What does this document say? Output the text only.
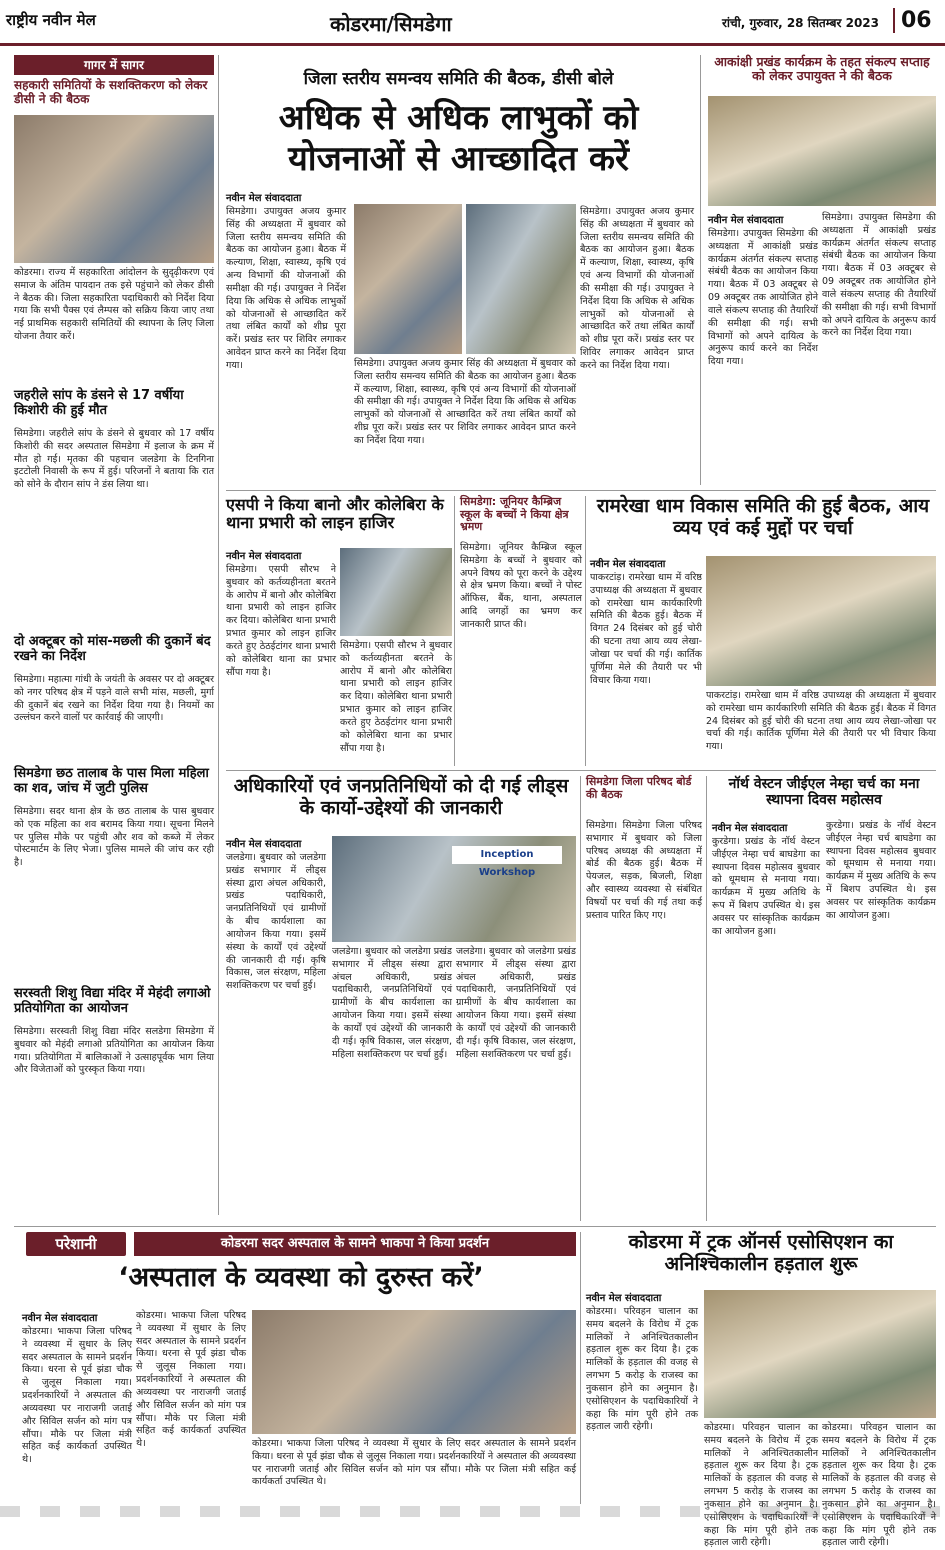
राष्ट्रीय नवीन मेल	कोडरमा/सिमडेगा	रांची, गुरुवार, 28 सितम्बर 2023 06
गागर में सागर
सहकारी समितियों के सशक्तिकरण को लेकर डीसी ने की बैठक
कोडरमा। राज्य में सहकारिता आंदोलन के सुदृढ़ीकरण एवं समाज के अंतिम पायदान तक इसे पहुंचाने को लेकर डीसी ने बैठक की। जिला सहकारिता पदाधिकारी को निर्देश दिया गया कि सभी पैक्स एवं लैम्पस को सक्रिय किया जाए तथा नई प्राथमिक सहकारी समितियों की स्थापना के लिए जिला योजना तैयार करें।
जहरीले सांप के डंसने से 17 वर्षीया किशोरी की हुई मौत
सिमडेगा। जहरीले सांप के डंसने से बुधवार को 17 वर्षीय किशोरी की सदर अस्पताल सिमडेगा में इलाज के क्रम में मौत हो गई। मृतका की पहचान जलडेगा के टिनगिना इटटोली निवासी के रूप में हुई। परिजनों ने बताया कि रात को सोने के दौरान सांप ने डंस लिया था।
दो अक्टूबर को मांस-मछली की दुकानें बंद रखने का निर्देश
सिमडेगा। महात्मा गांधी के जयंती के अवसर पर दो अक्टूबर को नगर परिषद क्षेत्र में पड़ने वाले सभी मांस, मछली, मुर्गा की दुकानें बंद रखने का निर्देश दिया गया है। नियमों का उल्लंघन करने वालों पर कार्रवाई की जाएगी।
सिमडेगा छठ तालाब के पास मिला महिला का शव, जांच में जुटी पुलिस
सिमडेगा। सदर थाना क्षेत्र के छठ तालाब के पास बुधवार को एक महिला का शव बरामद किया गया। सूचना मिलने पर पुलिस मौके पर पहुंची और शव को कब्जे में लेकर पोस्टमार्टम के लिए भेजा। पुलिस मामले की जांच कर रही है।
सरस्वती शिशु विद्या मंदिर में मेहंदी लगाओ प्रतियोगिता का आयोजन
सिमडेगा। सरस्वती शिशु विद्या मंदिर सलडेगा सिमडेगा में बुधवार को मेहंदी लगाओ प्रतियोगिता का आयोजन किया गया। प्रतियोगिता में बालिकाओं ने उत्साहपूर्वक भाग लिया और विजेताओं को पुरस्कृत किया गया।
जिला स्तरीय समन्वय समिति की बैठक, डीसी बोले
अधिक से अधिक लाभुकों को योजनाओं से आच्छादित करें
नवीन मेल संवाददाता
सिमडेगा। उपायुक्त अजय कुमार सिंह की अध्यक्षता में बुधवार को जिला स्तरीय समन्वय समिति की बैठक का आयोजन हुआ। बैठक में कल्याण, शिक्षा, स्वास्थ्य, कृषि एवं अन्य विभागों की योजनाओं की समीक्षा की गई। उपायुक्त ने निर्देश दिया कि अधिक से अधिक लाभुकों को योजनाओं से आच्छादित करें तथा लंबित कार्यों को शीघ्र पूरा करें। प्रखंड स्तर पर शिविर लगाकर आवेदन प्राप्त करने का निर्देश दिया गया।	सिमडेगा। उपायुक्त अजय कुमार सिंह की अध्यक्षता में बुधवार को जिला स्तरीय समन्वय समिति की बैठक का आयोजन हुआ। बैठक में कल्याण, शिक्षा, स्वास्थ्य, कृषि एवं अन्य विभागों की योजनाओं की समीक्षा की गई। उपायुक्त ने निर्देश दिया कि अधिक से अधिक लाभुकों को योजनाओं से आच्छादित करें तथा लंबित कार्यों को शीघ्र पूरा करें। प्रखंड स्तर पर शिविर लगाकर आवेदन प्राप्त करने का निर्देश दिया गया।
सिमडेगा। उपायुक्त अजय कुमार सिंह की अध्यक्षता में बुधवार को जिला स्तरीय समन्वय समिति की बैठक का आयोजन हुआ। बैठक में कल्याण, शिक्षा, स्वास्थ्य, कृषि एवं अन्य विभागों की योजनाओं की समीक्षा की गई। उपायुक्त ने निर्देश दिया कि अधिक से अधिक लाभुकों को योजनाओं से आच्छादित करें तथा लंबित कार्यों को शीघ्र पूरा करें। प्रखंड स्तर पर शिविर लगाकर आवेदन प्राप्त करने का निर्देश दिया गया।
आकांक्षी प्रखंड कार्यक्रम के तहत संकल्प सप्ताह को लेकर उपायुक्त ने की बैठक
नवीन मेल संवाददाता
सिमडेगा। उपायुक्त सिमडेगा की अध्यक्षता में आकांक्षी प्रखंड कार्यक्रम अंतर्गत संकल्प सप्ताह संबंधी बैठक का आयोजन किया गया। बैठक में 03 अक्टूबर से 09 अक्टूबर तक आयोजित होने वाले संकल्प सप्ताह की तैयारियों की समीक्षा की गई। सभी विभागों को अपने दायित्व के अनुरूप कार्य करने का निर्देश दिया गया।
सिमडेगा। उपायुक्त सिमडेगा की अध्यक्षता में आकांक्षी प्रखंड कार्यक्रम अंतर्गत संकल्प सप्ताह संबंधी बैठक का आयोजन किया गया। बैठक में 03 अक्टूबर से 09 अक्टूबर तक आयोजित होने वाले संकल्प सप्ताह की तैयारियों की समीक्षा की गई। सभी विभागों को अपने दायित्व के अनुरूप कार्य करने का निर्देश दिया गया।
एसपी ने किया बानो और कोलेबिरा के थाना प्रभारी को लाइन हाजिर
नवीन मेल संवाददाता
सिमडेगा। एसपी सौरभ ने बुधवार को कर्तव्यहीनता बरतने के आरोप में बानो और कोलेबिरा थाना प्रभारी को लाइन हाजिर कर दिया। कोलेबिरा थाना प्रभारी प्रभात कुमार को लाइन हाजिर करते हुए ठेठईटांगर थाना प्रभारी को कोलेबिरा थाना का प्रभार सौंपा गया है।
सिमडेगा। एसपी सौरभ ने बुधवार को कर्तव्यहीनता बरतने के आरोप में बानो और कोलेबिरा थाना प्रभारी को लाइन हाजिर कर दिया। कोलेबिरा थाना प्रभारी प्रभात कुमार को लाइन हाजिर करते हुए ठेठईटांगर थाना प्रभारी को कोलेबिरा थाना का प्रभार सौंपा गया है।
सिमडेगा: जूनियर कैम्ब्रिज स्कूल के बच्चों ने किया क्षेत्र भ्रमण
सिमडेगा। जूनियर कैम्ब्रिज स्कूल सिमडेगा के बच्चों ने बुधवार को अपने विषय को पूरा करने के उद्देश्य से क्षेत्र भ्रमण किया। बच्चों ने पोस्ट ऑफिस, बैंक, थाना, अस्पताल आदि जगहों का भ्रमण कर जानकारी प्राप्त की।
रामरेखा धाम विकास समिति की हुई बैठक, आय व्यय एवं कई मुद्दों पर चर्चा
नवीन मेल संवाददाता
पाकरटांड़। रामरेखा धाम में वरिष्ठ उपाध्यक्ष की अध्यक्षता में बुधवार को रामरेखा धाम कार्यकारिणी समिति की बैठक हुई। बैठक में विगत 24 दिसंबर को हुई चोरी की घटना तथा आय व्यय लेखा-जोखा पर चर्चा की गई। कार्तिक पूर्णिमा मेले की तैयारी पर भी विचार किया गया।
पाकरटांड़। रामरेखा धाम में वरिष्ठ उपाध्यक्ष की अध्यक्षता में बुधवार को रामरेखा धाम कार्यकारिणी समिति की बैठक हुई। बैठक में विगत 24 दिसंबर को हुई चोरी की घटना तथा आय व्यय लेखा-जोखा पर चर्चा की गई। कार्तिक पूर्णिमा मेले की तैयारी पर भी विचार किया गया।
अधिकारियों एवं जनप्रतिनिधियों को दी गई लीड्स के कार्यो-उद्देश्यों की जानकारी
नवीन मेल संवाददाता
जलडेगा। बुधवार को जलडेगा प्रखंड सभागार में लीड्स संस्था द्वारा अंचल अधिकारी, प्रखंड पदाधिकारी, जनप्रतिनिधियों एवं ग्रामीणों के बीच कार्यशाला का आयोजन किया गया। इसमें संस्था के कार्यों एवं उद्देश्यों की जानकारी दी गई। कृषि विकास, जल संरक्षण, महिला सशक्तिकरण पर चर्चा हुई।
Inception Workshop
जलडेगा। बुधवार को जलडेगा प्रखंड सभागार में लीड्स संस्था द्वारा अंचल अधिकारी, प्रखंड पदाधिकारी, जनप्रतिनिधियों एवं ग्रामीणों के बीच कार्यशाला का आयोजन किया गया। इसमें संस्था के कार्यों एवं उद्देश्यों की जानकारी दी गई। कृषि विकास, जल संरक्षण, महिला सशक्तिकरण पर चर्चा हुई।
जलडेगा। बुधवार को जलडेगा प्रखंड सभागार में लीड्स संस्था द्वारा अंचल अधिकारी, प्रखंड पदाधिकारी, जनप्रतिनिधियों एवं ग्रामीणों के बीच कार्यशाला का आयोजन किया गया। इसमें संस्था के कार्यों एवं उद्देश्यों की जानकारी दी गई। कृषि विकास, जल संरक्षण, महिला सशक्तिकरण पर चर्चा हुई।
सिमडेगा जिला परिषद बोर्ड की बैठक
सिमडेगा। सिमडेगा जिला परिषद सभागार में बुधवार को जिला परिषद अध्यक्ष की अध्यक्षता में बोर्ड की बैठक हुई। बैठक में पेयजल, सड़क, बिजली, शिक्षा और स्वास्थ्य व्यवस्था से संबंधित विषयों पर चर्चा की गई तथा कई प्रस्ताव पारित किए गए।
नॉर्थ वेस्टन जीईएल नेम्हा चर्च का मना स्थापना दिवस महोत्सव
नवीन मेल संवाददाता
कुरडेगा। प्रखंड के नॉर्थ वेस्टन जीईएल नेम्हा चर्च बाघडेगा का स्थापना दिवस महोत्सव बुधवार को धूमधाम से मनाया गया। कार्यक्रम में मुख्य अतिथि के रूप में बिशप उपस्थित थे। इस अवसर पर सांस्कृतिक कार्यक्रम का आयोजन हुआ।
कुरडेगा। प्रखंड के नॉर्थ वेस्टन जीईएल नेम्हा चर्च बाघडेगा का स्थापना दिवस महोत्सव बुधवार को धूमधाम से मनाया गया। कार्यक्रम में मुख्य अतिथि के रूप में बिशप उपस्थित थे। इस अवसर पर सांस्कृतिक कार्यक्रम का आयोजन हुआ।
परेशानी	कोडरमा सदर अस्पताल के सामने भाकपा ने किया प्रदर्शन
‘अस्पताल के व्यवस्था को दुरुस्त करें’
नवीन मेल संवाददाता
कोडरमा। भाकपा जिला परिषद ने व्यवस्था में सुधार के लिए सदर अस्पताल के सामने प्रदर्शन किया। धरना से पूर्व झंडा चौक से जुलूस निकाला गया। प्रदर्शनकारियों ने अस्पताल की अव्यवस्था पर नाराजगी जताई और सिविल सर्जन को मांग पत्र सौंपा। मौके पर जिला मंत्री सहित कई कार्यकर्ता उपस्थित थे।
कोडरमा। भाकपा जिला परिषद ने व्यवस्था में सुधार के लिए सदर अस्पताल के सामने प्रदर्शन किया। धरना से पूर्व झंडा चौक से जुलूस निकाला गया। प्रदर्शनकारियों ने अस्पताल की अव्यवस्था पर नाराजगी जताई और सिविल सर्जन को मांग पत्र सौंपा। मौके पर जिला मंत्री सहित कई कार्यकर्ता उपस्थित थे।	कोडरमा। भाकपा जिला परिषद ने व्यवस्था में सुधार के लिए सदर अस्पताल के सामने प्रदर्शन किया। धरना से पूर्व झंडा चौक से जुलूस निकाला गया। प्रदर्शनकारियों ने अस्पताल की अव्यवस्था पर नाराजगी जताई और सिविल सर्जन को मांग पत्र सौंपा। मौके पर जिला मंत्री सहित कई कार्यकर्ता उपस्थित थे।
कोडरमा में ट्रक ऑनर्स एसोसिएशन का अनिश्चिकालीन हड़ताल शुरू
नवीन मेल संवाददाता
कोडरमा। परिवहन चालान का समय बदलने के विरोध में ट्रक मालिकों ने अनिश्चितकालीन हड़ताल शुरू कर दिया है। ट्रक मालिकों के हड़ताल की वजह से लगभग 5 करोड़ के राजस्व का नुकसान होने का अनुमान है। एसोसिएशन के पदाधिकारियों ने कहा कि मांग पूरी होने तक हड़ताल जारी रहेगी।	कोडरमा। परिवहन चालान का समय बदलने के विरोध में ट्रक मालिकों ने अनिश्चितकालीन हड़ताल शुरू कर दिया है। ट्रक मालिकों के हड़ताल की वजह से लगभग 5 करोड़ के राजस्व का नुकसान होने का अनुमान है। एसोसिएशन के पदाधिकारियों ने कहा कि मांग पूरी होने तक हड़ताल जारी रहेगी।
कोडरमा। परिवहन चालान का समय बदलने के विरोध में ट्रक मालिकों ने अनिश्चितकालीन हड़ताल शुरू कर दिया है। ट्रक मालिकों के हड़ताल की वजह से लगभग 5 करोड़ के राजस्व का नुकसान होने का अनुमान है। एसोसिएशन के पदाधिकारियों ने कहा कि मांग पूरी होने तक हड़ताल जारी रहेगी।
